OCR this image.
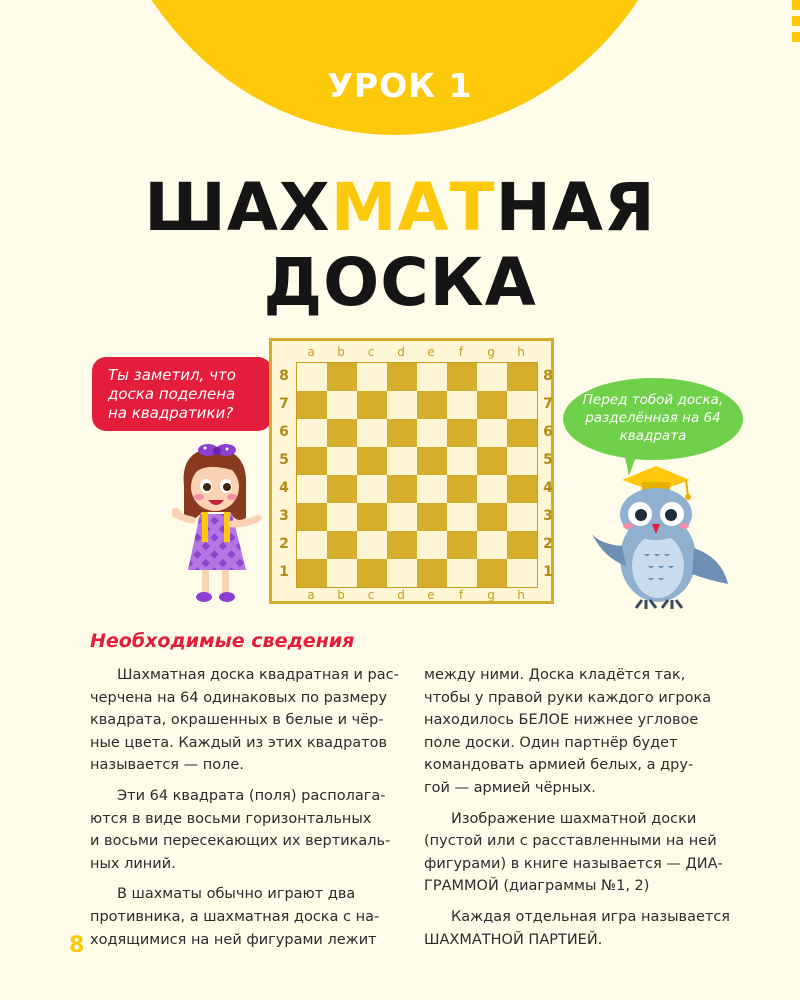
УРОК 1
ШАХМАТНАЯ
ДОСКА
Ты заметил, что
доска поделена
на квадратики?
a	b	c	d	e	f	g	h
8
7
6
5
4
3
2
1
8
7
6
5
4
3
2
1
a	b	c	d	e	f	g	h
Перед тобой доска,
разделённая на 64
квадрата
Необходимые сведения

Шахматная доска квадратная и рас-
черчена на 64 одинаковых по размеру
квадрата, окрашенных в белые и чёр-
ные цвета. Каждый из этих квадратов
называется — поле.

Эти 64 квадрата (поля) располага-
ются в виде восьми горизонтальных
и восьми пересекающих их вертикаль-
ных линий.

В шахматы обычно играют два
противника, а шахматная доска с на-
ходящимися на ней фигурами лежит

между ними. Доска кладётся так,
чтобы у правой руки каждого игрока
находилось БЕЛОЕ нижнее угловое
поле доски. Один партнёр будет
командовать армией белых, а дру-
гой — армией чёрных.

Изображение шахматной доски
(пустой или с расставленными на ней
фигурами) в книге называется — ДИА-
ГРАММОЙ (диаграммы №1, 2)

Каждая отдельная игра называется
ШАХМАТНОЙ ПАРТИЕЙ.

8
